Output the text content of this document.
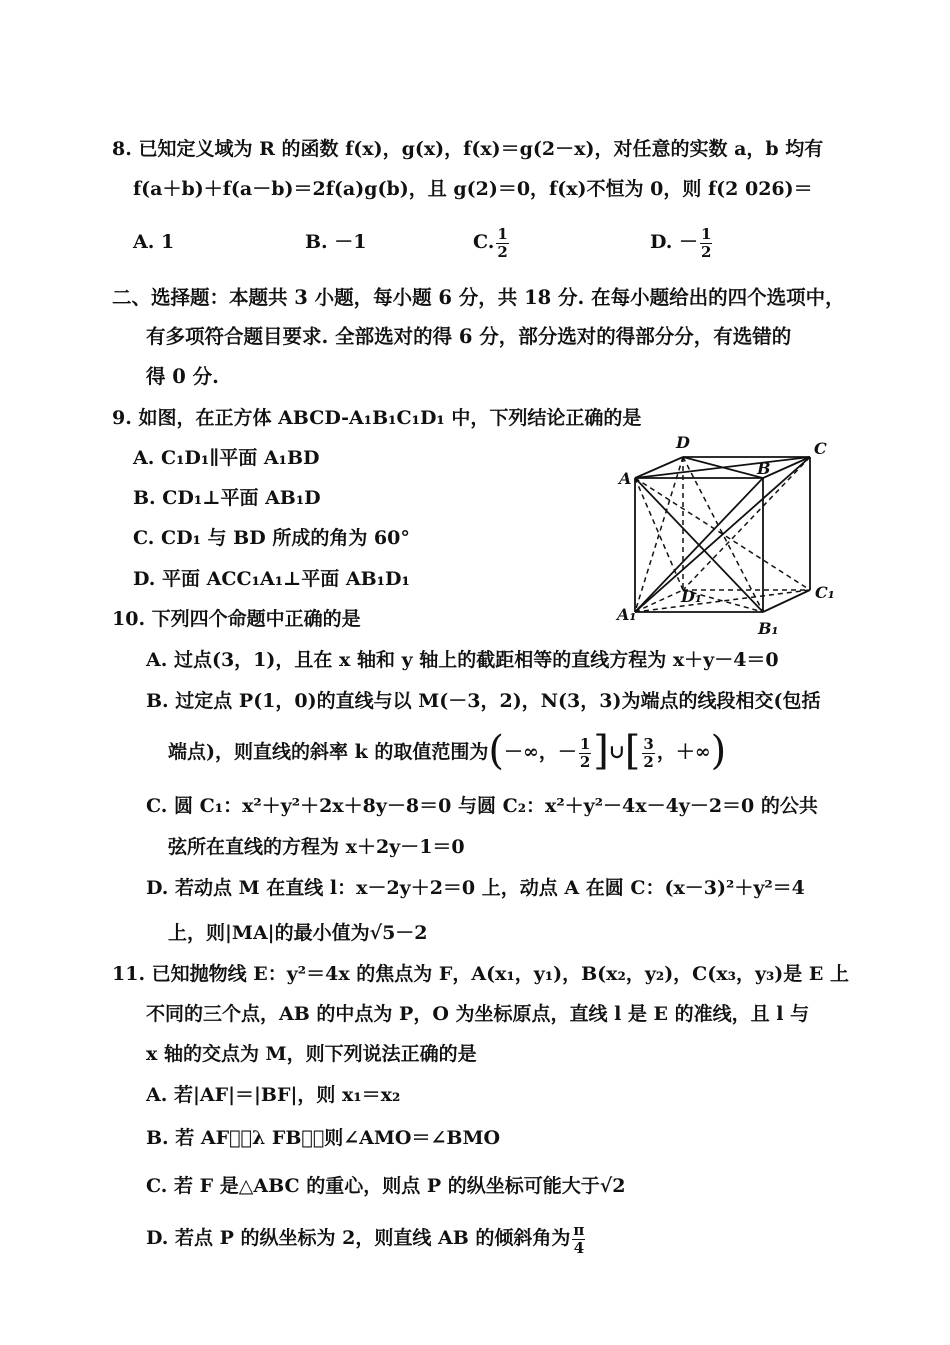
8. 已知定义域为 R 的函数 f(x)，g(x)，f(x)＝g(2－x)，对任意的实数 a，b 均有
f(a＋b)＋f(a－b)＝2f(a)g(b)，且 g(2)＝0，f(x)不恒为 0，则 f(2 026)＝
A. 1	B. －1	C. $\frac{1}{2}$	D. － $\frac{1}{2}$
二、选择题：本题共 3 小题，每小题 6 分，共 18 分. 在每小题给出的四个选项中，
有多项符合题目要求. 全部选对的得 6 分，部分选对的得部分分，有选错的
得 0 分.
9. 如图，在正方体 ABCD-A₁B₁C₁D₁ 中，下列结论正确的是
A. C₁D₁∥平面 A₁BD
B. CD₁⊥平面 AB₁D
C. CD₁ 与 BD 所成的角为 60°
D. 平面 ACC₁A₁⊥平面 AB₁D₁
D	C
A
B
D₁	C₁
A₁
B₁
10. 下列四个命题中正确的是
A. 过点(3，1)，且在 x 轴和 y 轴上的截距相等的直线方程为 x＋y－4＝0
B. 过定点 P(1，0)的直线与以 M(－3，2)，N(3，3)为端点的线段相交(包括
端点)，则直线的斜率 k 的取值范围为(－∞，－ $\frac{1}{2}$ ]∪[ $\frac{3}{2}$ ，＋∞)
C. 圆 C₁：x²＋y²＋2x＋8y－8＝0 与圆 C₂：x²＋y²－4x－4y－2＝0 的公共
弦所在直线的方程为 x＋2y－1＝0
D. 若动点 M 在直线 l：x－2y＋2＝0 上，动点 A 在圆 C：(x－3)²＋y²＝4
上，则|MA|的最小值为√5－2
11. 已知抛物线 E：y²＝4x 的焦点为 F，A(x₁，y₁)，B(x₂，y₂)，C(x₃，y₃)是 E 上
不同的三个点，AB 的中点为 P，O 为坐标原点，直线 l 是 E 的准线，且 l 与
x 轴的交点为 M，则下列说法正确的是
A. 若|AF|＝|BF|，则 x₁＝x₂
B. 若 AF⃗＝λ FB⃗，则∠AMO＝∠BMO
C. 若 F 是△ABC 的重心，则点 P 的纵坐标可能大于√2
D. 若点 P 的纵坐标为 2，则直线 AB 的倾斜角为 $\frac{\pi}{4}$
